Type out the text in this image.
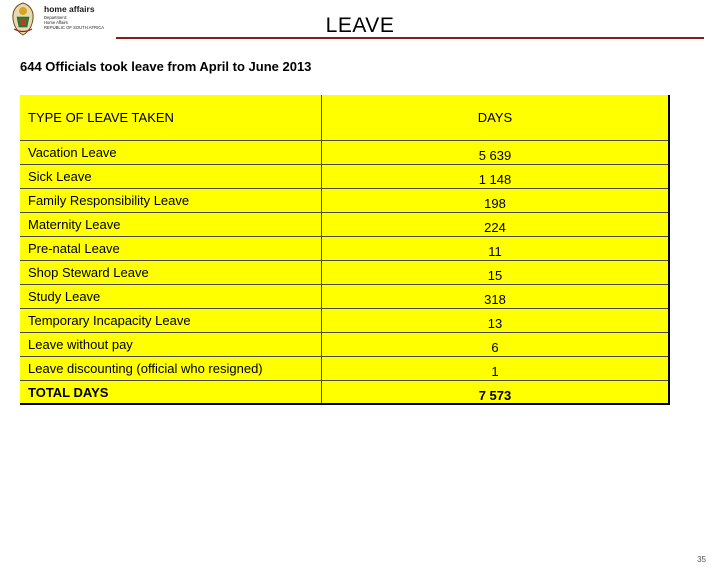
home affairs
Department:
Home Affairs
REPUBLIC OF SOUTH AFRICA	LEAVE
644 Officials took leave from April to June 2013
TYPE OF LEAVE TAKEN	DAYS
Vacation Leave	5 639
Sick Leave	1 148
Family Responsibility Leave	198
Maternity Leave	224
Pre-natal Leave	11
Shop Steward Leave	15
Study Leave	318
Temporary Incapacity Leave	13
Leave without pay	6
Leave discounting (official who resigned)	1
TOTAL DAYS	7 573
35
